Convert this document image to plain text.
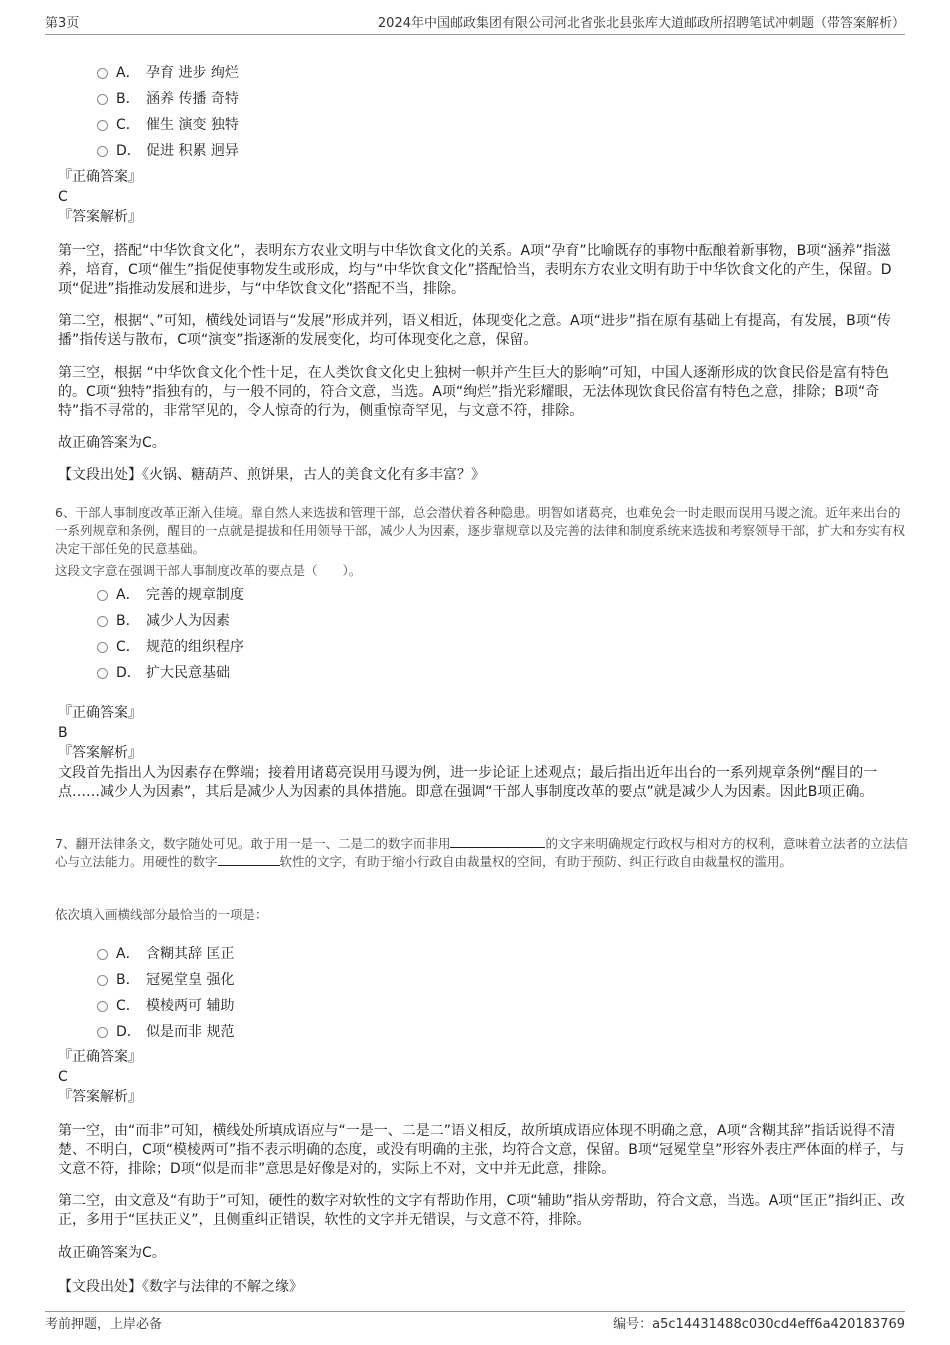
第3页	2024年中国邮政集团有限公司河北省张北县张库大道邮政所招聘笔试冲刺题（带答案解析）
A． 孕育 进步 绚烂
B． 涵养 传播 奇特
C． 催生 演变 独特
D． 促进 积累 迥异
『正确答案』
C
『答案解析』
第一空，搭配“中华饮食文化”，表明东方农业文明与中华饮食文化的关系。A项“孕育”比喻既存的事物中酝酿着新事物，B项“涵养”指滋养，培育，C项“催生”指促使事物发生或形成，均与“中华饮食文化”搭配恰当，表明东方农业文明有助于中华饮食文化的产生，保留。D项“促进”指推动发展和进步，与“中华饮食文化”搭配不当，排除。
第二空，根据“、”可知，横线处词语与“发展”形成并列，语义相近，体现变化之意。A项“进步”指在原有基础上有提高，有发展，B项“传播”指传送与散布，C项“演变”指逐渐的发展变化，均可体现变化之意，保留。
第三空，根据 “中华饮食文化个性十足，在人类饮食文化史上独树一帜并产生巨大的影响”可知，中国人逐渐形成的饮食民俗是富有特色的。C项“独特”指独有的，与一般不同的，符合文意，当选。A项“绚烂”指光彩耀眼，无法体现饮食民俗富有特色之意，排除；B项“奇特”指不寻常的，非常罕见的，令人惊奇的行为，侧重惊奇罕见，与文意不符，排除。
故正确答案为C。
【文段出处】《火锅、糖葫芦、煎饼果，古人的美食文化有多丰富？》
6、干部人事制度改革正渐入佳境。靠自然人来选拔和管理干部，总会潜伏着各种隐患。明智如诸葛亮，也难免会一时走眼而误用马谡之流。近年来出台的一系列规章和条例，醒目的一点就是提拔和任用领导干部，减少人为因素，逐步靠规章以及完善的法律和制度系统来选拔和考察领导干部，扩大和夯实有权决定干部任免的民意基础。
这段文字意在强调干部人事制度改革的要点是（　　）。
A． 完善的规章制度
B． 减少人为因素
C． 规范的组织程序
D． 扩大民意基础
『正确答案』
B
『答案解析』
文段首先指出人为因素存在弊端；接着用诸葛亮误用马谡为例，进一步论证上述观点；最后指出近年出台的一系列规章条例“醒目的一点……减少人为因素”，其后是减少人为因素的具体措施。即意在强调“干部人事制度改革的要点”就是减少人为因素。因此B项正确。
7、翻开法律条文，数字随处可见。敢于用一是一、二是二的数字而非用	的文字来明确规定行政权与相对方的权利，意味着立法者的立法信心与立法能力。用硬性的数字	软性的文字，有助于缩小行政自由裁量权的空间，有助于预防、纠正行政自由裁量权的滥用。
依次填入画横线部分最恰当的一项是：
A． 含糊其辞 匡正
B． 冠冕堂皇 强化
C． 模棱两可 辅助
D． 似是而非 规范
『正确答案』
C
『答案解析』
第一空，由“而非”可知，横线处所填成语应与“一是一、二是二”语义相反，故所填成语应体现不明确之意，A项“含糊其辞”指话说得不清楚、不明白，C项“模棱两可”指不表示明确的态度，或没有明确的主张，均符合文意，保留。B项“冠冕堂皇”形容外表庄严体面的样子，与文意不符，排除；D项“似是而非”意思是好像是对的，实际上不对，文中并无此意，排除。
第二空，由文意及“有助于”可知，硬性的数字对软性的文字有帮助作用，C项“辅助”指从旁帮助，符合文意，当选。A项“匡正”指纠正、改正，多用于“匡扶正义”，且侧重纠正错误，软性的文字并无错误，与文意不符，排除。
故正确答案为C。
【文段出处】《数字与法律的不解之缘》
考前押题，上岸必备	编号：a5c14431488c030cd4eff6a420183769
